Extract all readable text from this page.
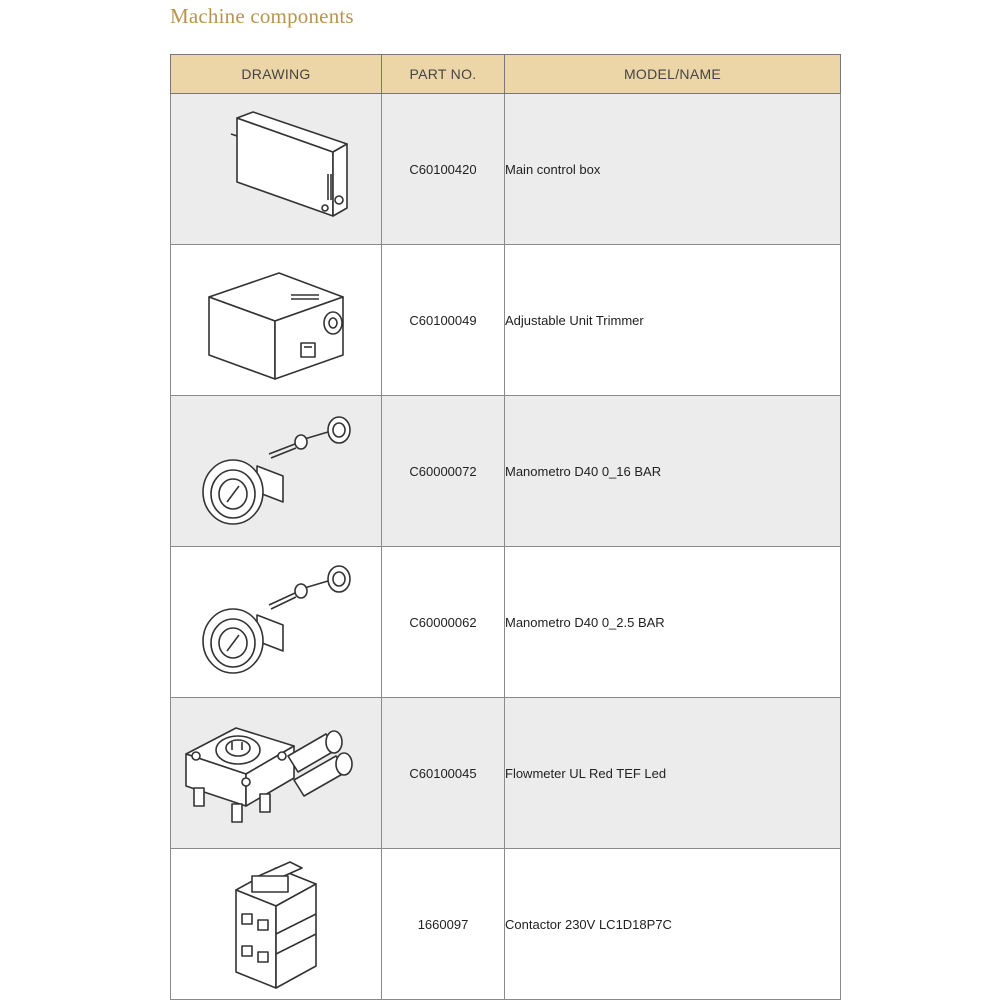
Machine components
DRAWING	PART NO.	MODEL/NAME

	C60100420	Main control box

	C60100049	Adjustable Unit Trimmer

	C60000072	Manometro D40 0_16 BAR

	C60000062	Manometro D40 0_2.5 BAR

	C60100045	Flowmeter UL Red TEF Led

	1660097	Contactor 230V LC1D18P7C
